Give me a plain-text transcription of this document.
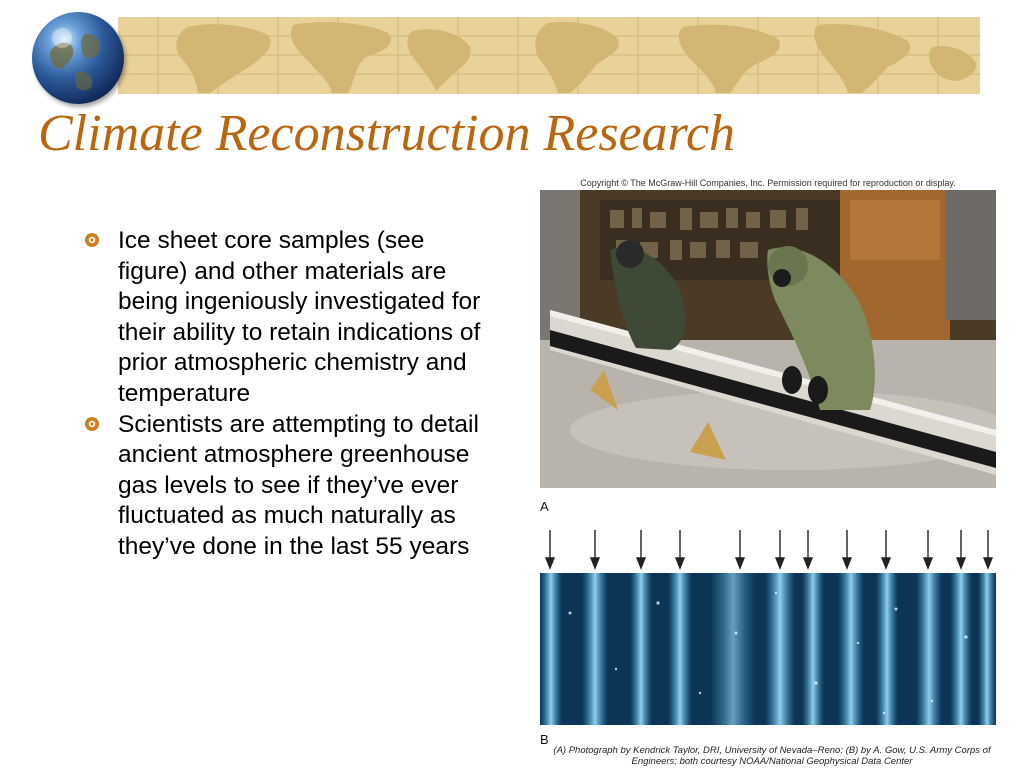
Climate Reconstruction Research
Ice sheet core samples (see figure) and other materials are being ingeniously investigated for their ability to retain indications of prior atmospheric chemistry and temperature
Scientists are attempting to detail ancient atmosphere greenhouse gas levels to see if they’ve ever fluctuated as much naturally as they’ve done in the last 55 years
Copyright © The McGraw-Hill Companies, Inc. Permission required for reproduction or display.
A
B
(A) Photograph by Kendrick Taylor, DRI, University of Nevada–Reno; (B) by A. Gow, U.S. Army Corps of Engineers; both courtesy NOAA/National Geophysical Data Center
